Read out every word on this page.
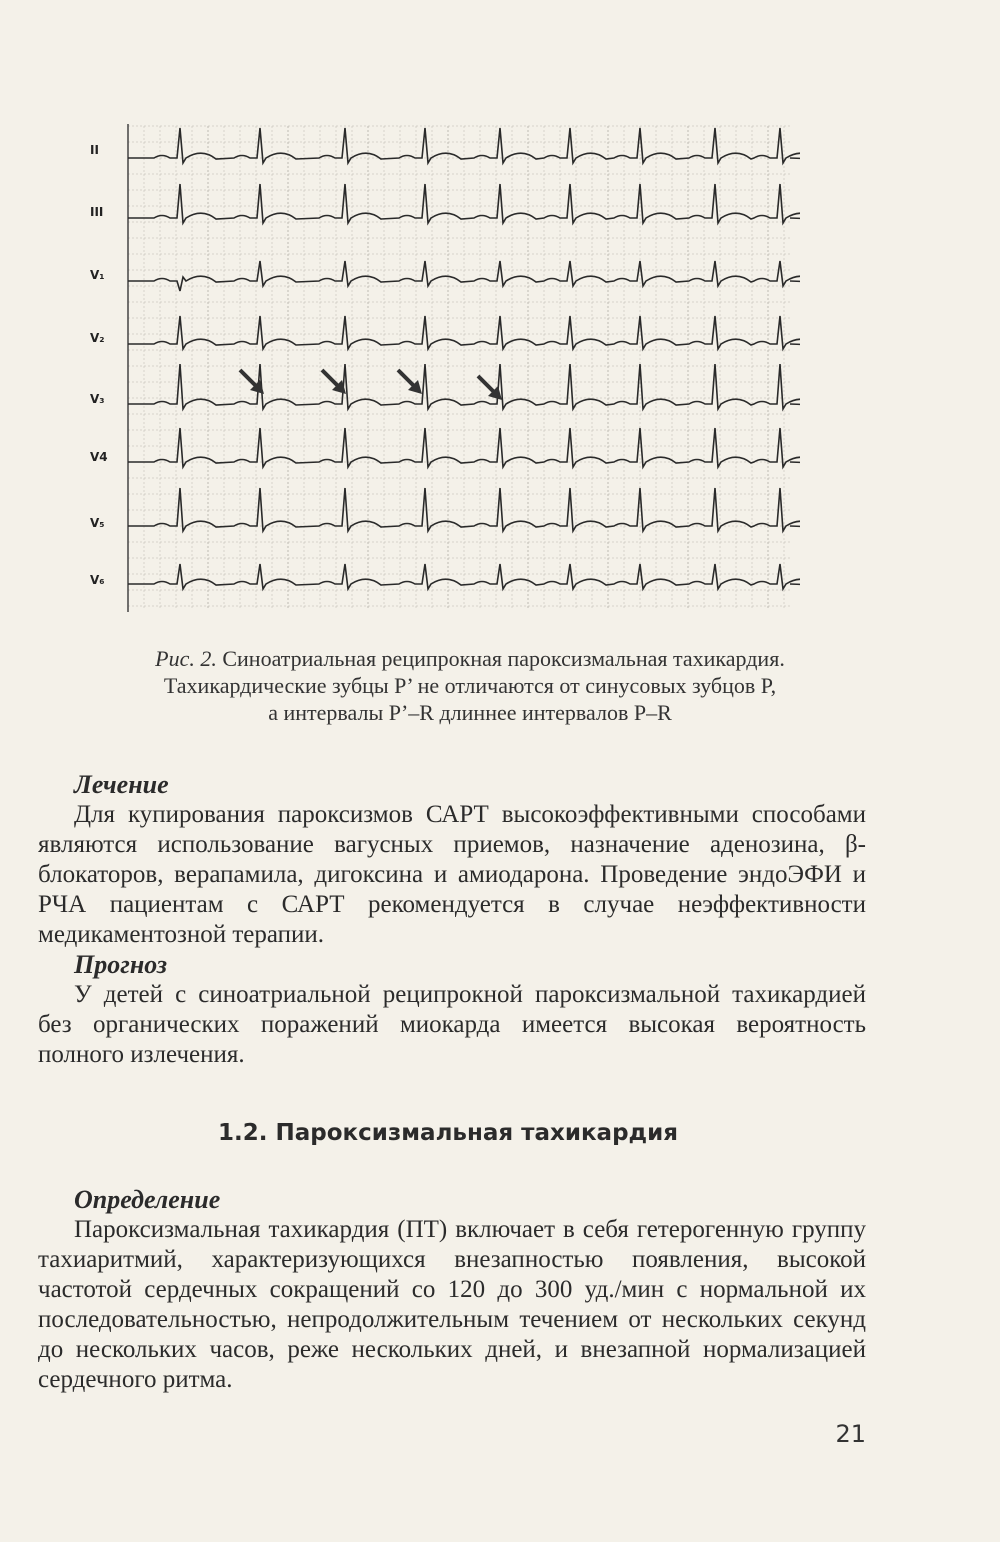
II
III
V₁
V₂
V₃
V4
V₅
V₆
Рис. 2. Синоатриальная реципрокная пароксизмальная тахикардия.
Тахикардические зубцы P’ не отличаются от синусовых зубцов P,
а интервалы P’–R длиннее интервалов P–R
Лечение
Для купирования пароксизмов САРТ высокоэффективными способами являются использование вагусных приемов, назначение аденозина, β-блокаторов, верапамила, дигоксина и амиодарона. Проведение эндоЭФИ и РЧА пациентам с САРТ рекомендуется в случае неэффективности медикаментозной терапии.
Прогноз
У детей с синоатриальной реципрокной пароксизмальной тахикардией без органических поражений миокарда имеется высокая вероятность полного излечения.
1.2. Пароксизмальная тахикардия
Определение
Пароксизмальная тахикардия (ПТ) включает в себя гетерогенную группу тахиаритмий, характеризующихся внезапностью появления, высокой частотой сердечных сокращений со 120 до 300 уд./мин с нормальной их последовательностью, непродолжительным течением от нескольких секунд до нескольких часов, реже нескольких дней, и внезапной нормализацией сердечного ритма.
21
